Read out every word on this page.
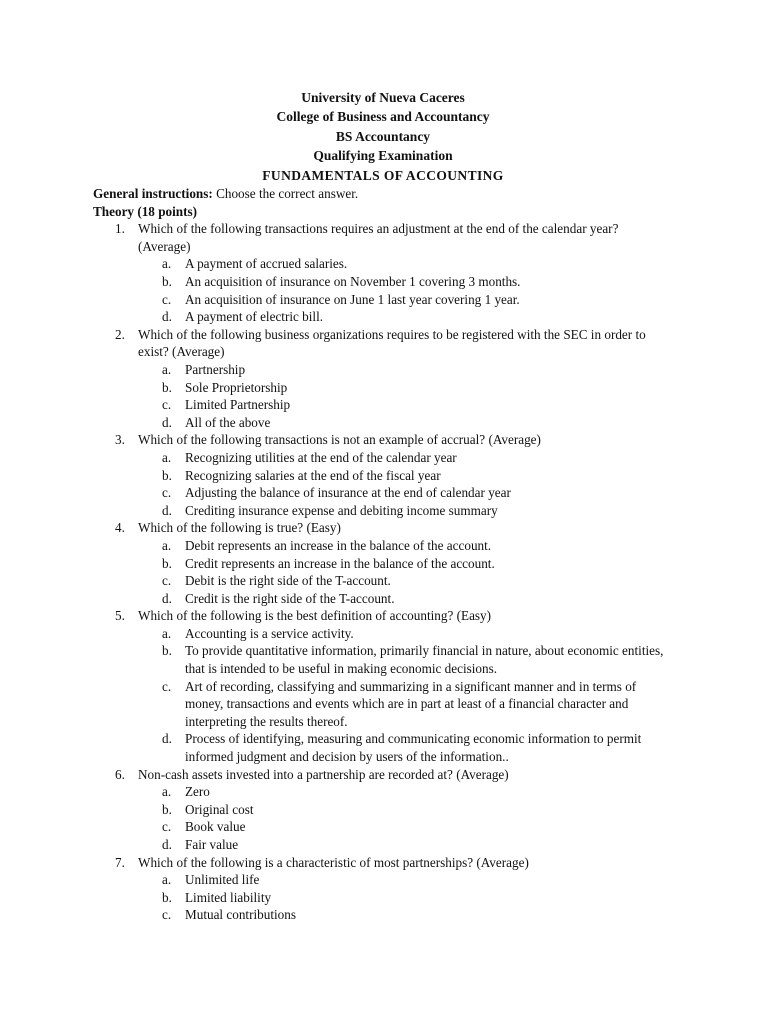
University of Nueva Caceres
College of Business and Accountancy
BS Accountancy
Qualifying Examination
FUNDAMENTALS OF ACCOUNTING
General instructions: Choose the correct answer.
Theory (18 points)
1. Which of the following transactions requires an adjustment at the end of the calendar year? (Average)
a. A payment of accrued salaries.
b. An acquisition of insurance on November 1 covering 3 months.
c. An acquisition of insurance on June 1 last year covering 1 year.
d. A payment of electric bill.
2. Which of the following business organizations requires to be registered with the SEC in order to exist? (Average)
a. Partnership
b. Sole Proprietorship
c. Limited Partnership
d. All of the above
3. Which of the following transactions is not an example of accrual? (Average)
a. Recognizing utilities at the end of the calendar year
b. Recognizing salaries at the end of the fiscal year
c. Adjusting the balance of insurance at the end of calendar year
d. Crediting insurance expense and debiting income summary
4. Which of the following is true? (Easy)
a. Debit represents an increase in the balance of the account.
b. Credit represents an increase in the balance of the account.
c. Debit is the right side of the T-account.
d. Credit is the right side of the T-account.
5. Which of the following is the best definition of accounting? (Easy)
a. Accounting is a service activity.
b. To provide quantitative information, primarily financial in nature, about economic entities, that is intended to be useful in making economic decisions.
c. Art of recording, classifying and summarizing in a significant manner and in terms of money, transactions and events which are in part at least of a financial character and interpreting the results thereof.
d. Process of identifying, measuring and communicating economic information to permit informed judgment and decision by users of the information..
6. Non-cash assets invested into a partnership are recorded at? (Average)
a. Zero
b. Original cost
c. Book value
d. Fair value
7. Which of the following is a characteristic of most partnerships? (Average)
a. Unlimited life
b. Limited liability
c. Mutual contributions
